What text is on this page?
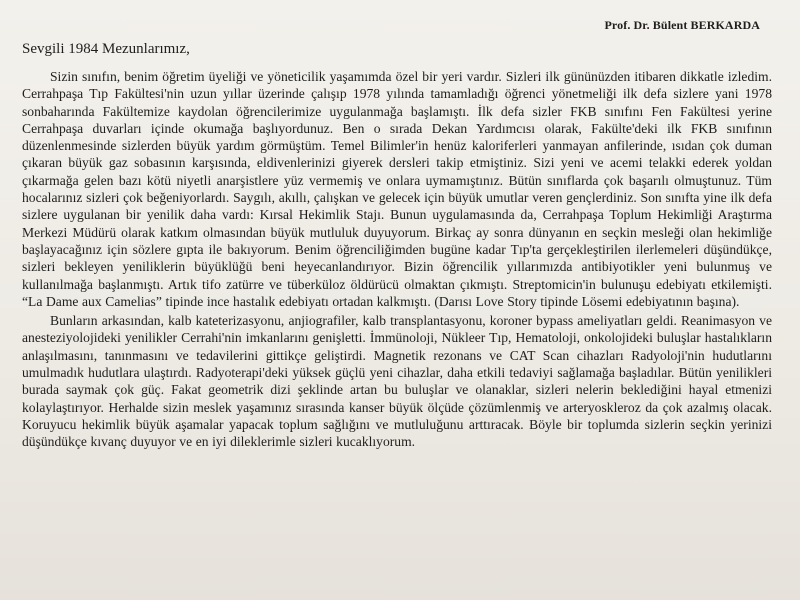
Prof. Dr. Bülent BERKARDA
Sevgili 1984 Mezunlarımız,

Sizin sınıfın, benim öğretim üyeliği ve yöneticilik yaşamımda özel bir yeri vardır. Sizleri ilk gününüzden itibaren dikkatle izledim. Cerrahpaşa Tıp Fakültesi'nin uzun yıllar üzerinde çalışıp 1978 yılında tamamladığı öğrenci yönetmeliği ilk defa sizlere yani 1978 sonbaharında Fakültemize kaydolan öğrencilerimize uygulanmağa başlamıştı. İlk defa sizler FKB sınıfını Fen Fakültesi yerine Cerrahpaşa duvarları içinde okumağa başlıyordunuz. Ben o sırada Dekan Yardımcısı olarak, Fakülte'deki ilk FKB sınıfının düzenlenmesinde sizlerden büyük yardım görmüştüm. Temel Bilimler'in henüz kaloriferleri yanmayan anfilerinde, ısıdan çok duman çıkaran büyük gaz sobasının karşısında, eldivenlerinizi giyerek dersleri takip etmiştiniz. Sizi yeni ve acemi telakki ederek yoldan çıkarmağa gelen bazı kötü niyetli anarşistlere yüz vermemiş ve onlara uymamıştınız. Bütün sınıflarda çok başarılı olmuştunuz. Tüm hocalarınız sizleri çok beğeniyorlardı. Saygılı, akıllı, çalışkan ve gelecek için büyük umutlar veren gençlerdiniz. Son sınıfta yine ilk defa sizlere uygulanan bir yenilik daha vardı: Kırsal Hekimlik Stajı. Bunun uygulamasında da, Cerrahpaşa Toplum Hekimliği Araştırma Merkezi Müdürü olarak katkım olmasından büyük mutluluk duyuyorum. Birkaç ay sonra dünyanın en seçkin mesleği olan hekimliğe başlayacağınız için sözlere gıpta ile bakıyorum. Benim öğrenciliğimden bugüne kadar Tıp'ta gerçekleştirilen ilerlemeleri düşündükçe, sizleri bekleyen yeniliklerin büyüklüğü beni heyecanlandırıyor. Bizin öğrencilik yıllarımızda antibiyotikler yeni bulunmuş ve kullanılmağa başlanmıştı. Artık tifo zatürre ve tüberküloz öldürücü olmaktan çıkmıştı. Streptomicin'in bulunuşu edebiyatı etkilemişti. “La Dame aux Camelias” tipinde ince hastalık edebiyatı ortadan kalkmıştı. (Darısı Love Story tipinde Lösemi edebiyatının başına).

Bunların arkasından, kalb kateterizasyonu, anjiografiler, kalb transplantasyonu, koroner bypass ameliyatları geldi. Reanimasyon ve anesteziyolojideki yenilikler Cerrahi'nin imkanlarını genişletti. İmmünoloji, Nükleer Tıp, Hematoloji, onkolojideki buluşlar hastalıkların anlaşılmasını, tanınmasını ve tedavilerini gittikçe geliştirdi. Magnetik rezonans ve CAT Scan cihazları Radyoloji'nin hudutlarını umulmadık hudutlara ulaştırdı. Radyoterapi'deki yüksek güçlü yeni cihazlar, daha etkili tedaviyi sağlamağa başladılar. Bütün yenilikleri burada saymak çok güç. Fakat geometrik dizi şeklinde artan bu buluşlar ve olanaklar, sizleri nelerin beklediğini hayal etmenizi kolaylaştırıyor. Herhalde sizin meslek yaşamınız sırasında kanser büyük ölçüde çözümlenmiş ve arteryoskleroz da çok azalmış olacak. Koruyucu hekimlik büyük aşamalar yapacak toplum sağlığını ve mutluluğunu arttıracak. Böyle bir toplumda sizlerin seçkin yerinizi düşündükçe kıvanç duyuyor ve en iyi dileklerimle sizleri kucaklıyorum.
